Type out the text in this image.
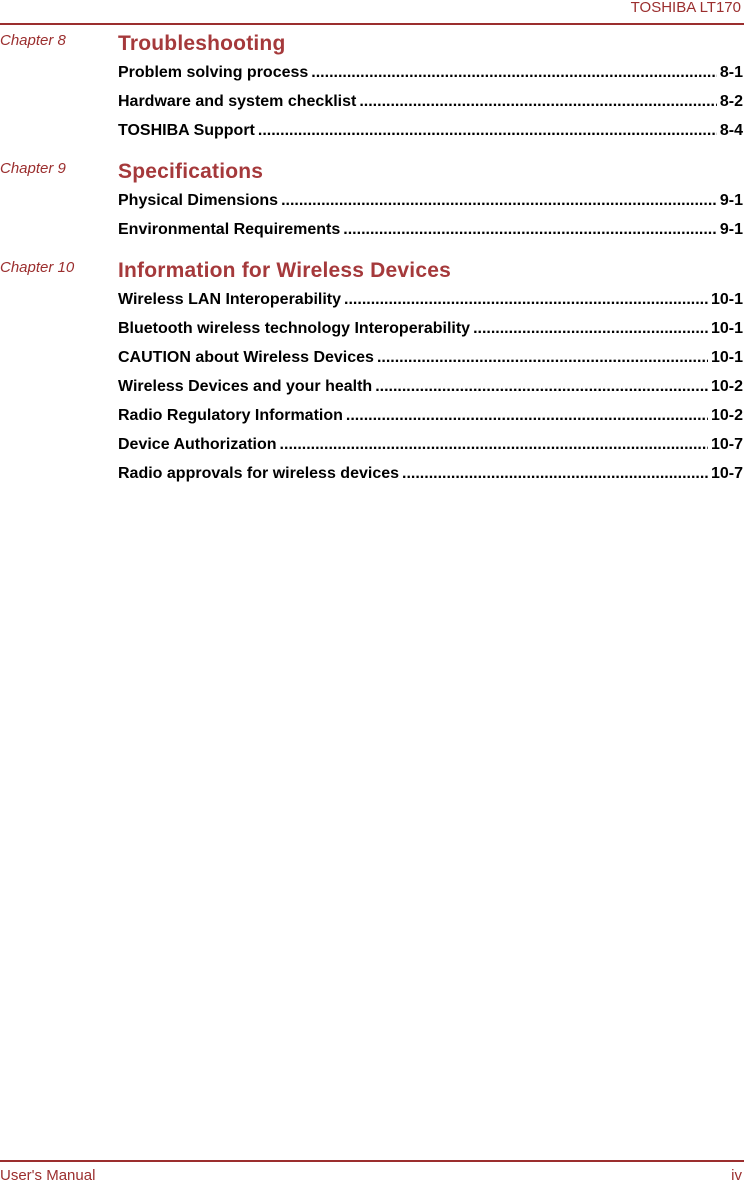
TOSHIBA LT170
Chapter 8 Troubleshooting
Problem solving process .....	8-1
Hardware and system checklist .....	8-2
TOSHIBA Support .....	8-4
Chapter 9 Specifications
Physical Dimensions .....	9-1
Environmental Requirements .....	9-1
Chapter 10 Information for Wireless Devices
Wireless LAN Interoperability .....	10-1
Bluetooth wireless technology Interoperability .....	10-1
CAUTION about Wireless Devices .....	10-1
Wireless Devices and your health .....	10-2
Radio Regulatory Information .....	10-2
Device Authorization .....	10-7
Radio approvals for wireless devices .....	10-7
User's Manual	iv
